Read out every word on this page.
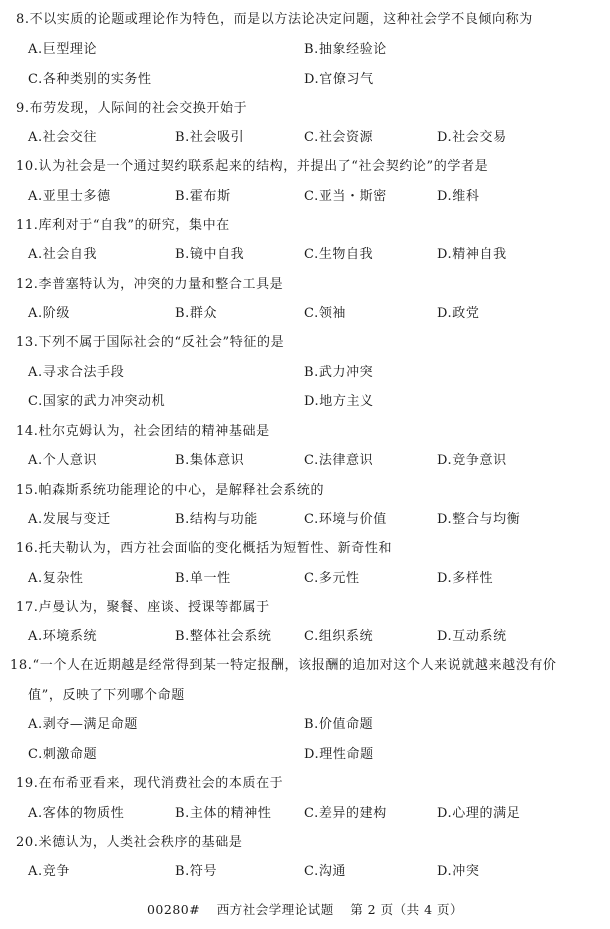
8.不以实质的论题或理论作为特色，而是以方法论决定问题，这种社会学不良倾向称为
A.巨型理论	B.抽象经验论
C.各种类别的实务性	D.官僚习气
9.布劳发现，人际间的社会交换开始于
A.社会交往	B.社会吸引	C.社会资源	D.社会交易
10.认为社会是一个通过契约联系起来的结构，并提出了“社会契约论”的学者是
A.亚里士多德	B.霍布斯	C.亚当・斯密	D.维科
11.库利对于“自我”的研究，集中在
A.社会自我	B.镜中自我	C.生物自我	D.精神自我
12.李普塞特认为，冲突的力量和整合工具是
A.阶级	B.群众	C.领袖	D.政党
13.下列不属于国际社会的“反社会”特征的是
A.寻求合法手段	B.武力冲突
C.国家的武力冲突动机	D.地方主义
14.杜尔克姆认为，社会团结的精神基础是
A.个人意识	B.集体意识	C.法律意识	D.竞争意识
15.帕森斯系统功能理论的中心，是解释社会系统的
A.发展与变迁	B.结构与功能	C.环境与价值	D.整合与均衡
16.托夫勒认为，西方社会面临的变化概括为短暂性、新奇性和
A.复杂性	B.单一性	C.多元性	D.多样性
17.卢曼认为，聚餐、座谈、授课等都属于
A.环境系统	B.整体社会系统	C.组织系统	D.互动系统
18.“一个人在近期越是经常得到某一特定报酬，该报酬的追加对这个人来说就越来越没有价
值”，反映了下列哪个命题
A.剥夺—满足命题	B.价值命题
C.刺激命题	D.理性命题
19.在布希亚看来，现代消费社会的本质在于
A.客体的物质性	B.主体的精神性	C.差异的建构	D.心理的满足
20.米德认为，人类社会秩序的基础是
A.竞争	B.符号	C.沟通	D.冲突
00280# 西方社会学理论试题 第 2 页（共 4 页）
